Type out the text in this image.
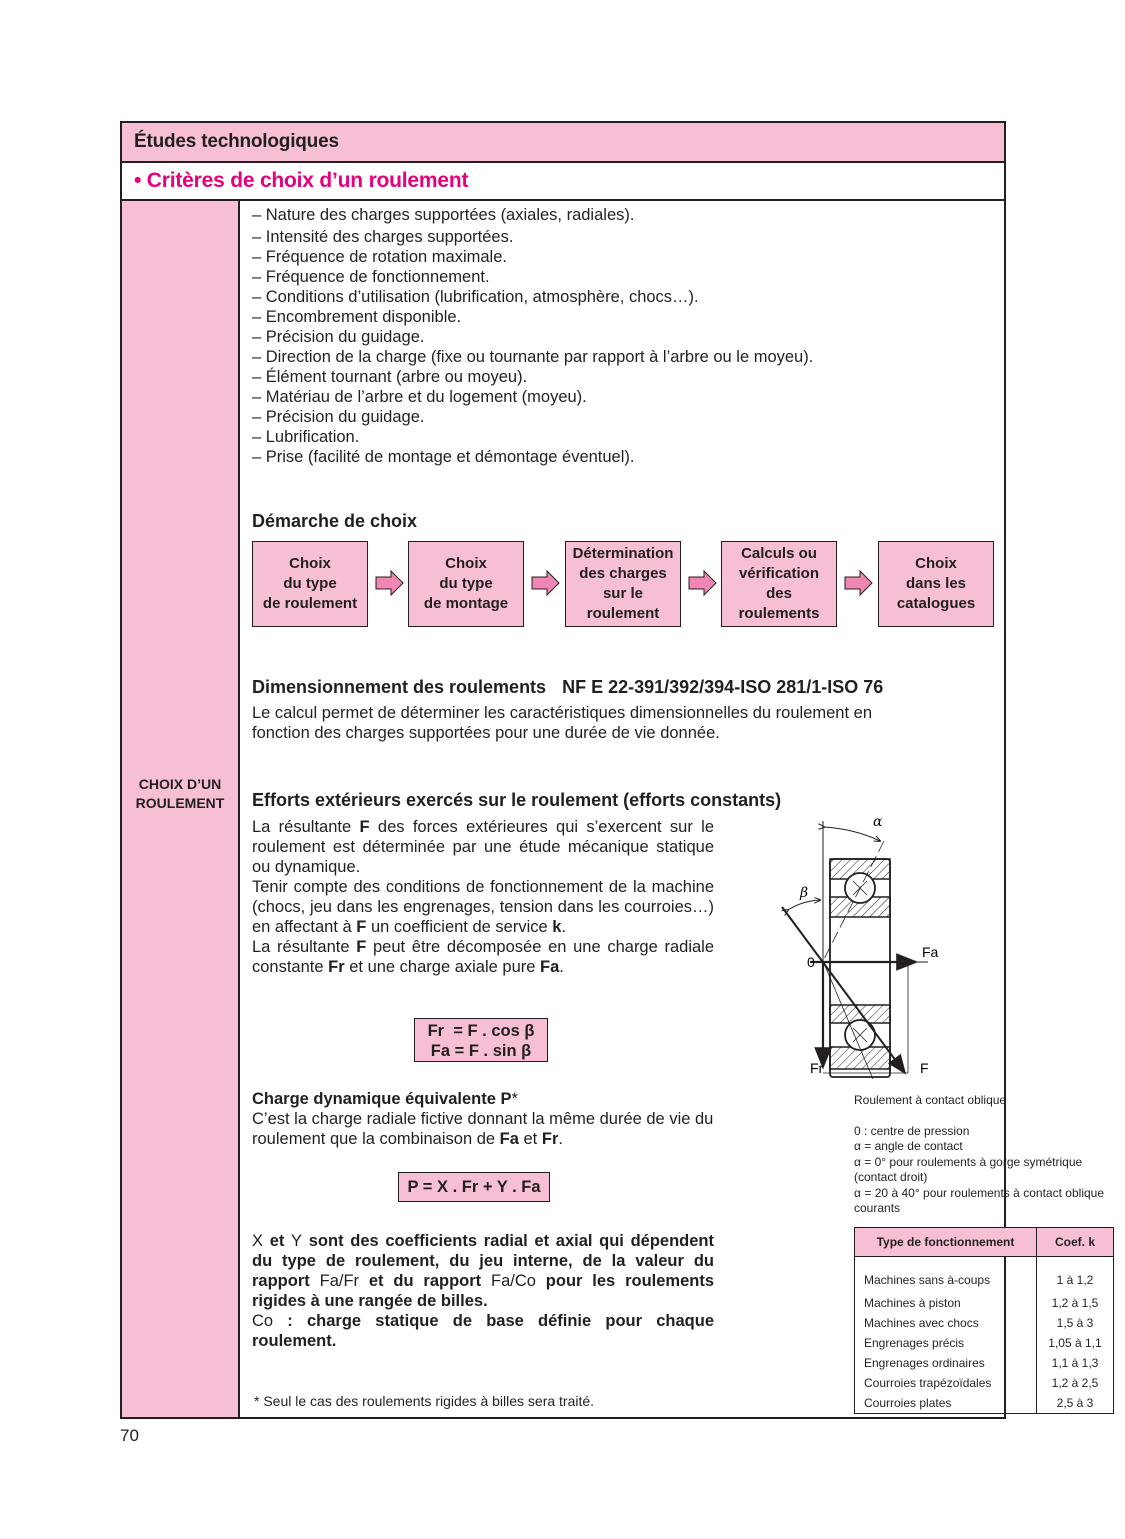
Études technologiques
• Critères de choix d’un roulement
CHOIX D’UN
ROULEMENT
– Nature des charges supportées (axiales, radiales).
– Intensité des charges supportées.
– Fréquence de rotation maximale.
– Fréquence de fonctionnement.
– Conditions d’utilisation (lubrification, atmosphère, chocs…).
– Encombrement disponible.
– Précision du guidage.
– Direction de la charge (fixe ou tournante par rapport à l’arbre ou le moyeu).
– Élément tournant (arbre ou moyeu).
– Matériau de l’arbre et du logement (moyeu).
– Précision du guidage.
– Lubrification.
– Prise (facilité de montage et démontage éventuel).
Démarche de choix
Dimensionnement des roulements NF E 22-391/392/394-ISO 281/1-ISO 76
Le calcul permet de déterminer les caractéristiques dimensionnelles du roulement en
fonction des charges supportées pour une durée de vie donnée.
Efforts extérieurs exercés sur le roulement (efforts constants)
La résultante F des forces extérieures qui s’exercent sur le roulement est déterminée par une étude mécanique statique ou dynamique.
Tenir compte des conditions de fonctionnement de la machine (chocs, jeu dans les engrenages, tension dans les courroies…) en affectant à F un coefficient de service k.
La résultante F peut être décomposée en une charge radiale constante Fr et une charge axiale pure Fa.
Fr  = F . cos β
Fa = F . sin β
Charge dynamique équivalente P*
C’est la charge radiale fictive donnant la même durée de vie du roulement que la combinaison de Fa et Fr.
P = X . Fr + Y . Fa
X et Y sont des coefficients radial et axial qui dépendent du type de roulement, du jeu interne, de la valeur du rapport Fa/Fr et du rapport Fa/Co pour les roulements rigides à une rangée de billes.
Co : charge statique de base définie pour chaque roulement.
* Seul le cas des roulements rigides à billes sera traité.
α
β
0
Fa
Fr	F
Roulement à contact oblique
0 : centre de pression
α = angle de contact
α = 0° pour roulements à gorge symétrique (contact droit)
α = 20 à 40° pour roulements à contact oblique courants
Type de fonctionnement	Coef. k
Machines sans à-coups	1 à 1,2
Machines à piston	1,2 à 1,5
Machines avec chocs	1,5 à 3
Engrenages précis	1,05 à 1,1
Engrenages ordinaires	1,1 à 1,3
Courroies trapézoïdales	1,2 à 2,5
Courroies plates	2,5 à 3
Choix
du type
de roulement
Choix
du type
de montage
Détermination
des charges
sur le
roulement
Calculs ou
vérification
des
roulements
Choix
dans les
catalogues
70
